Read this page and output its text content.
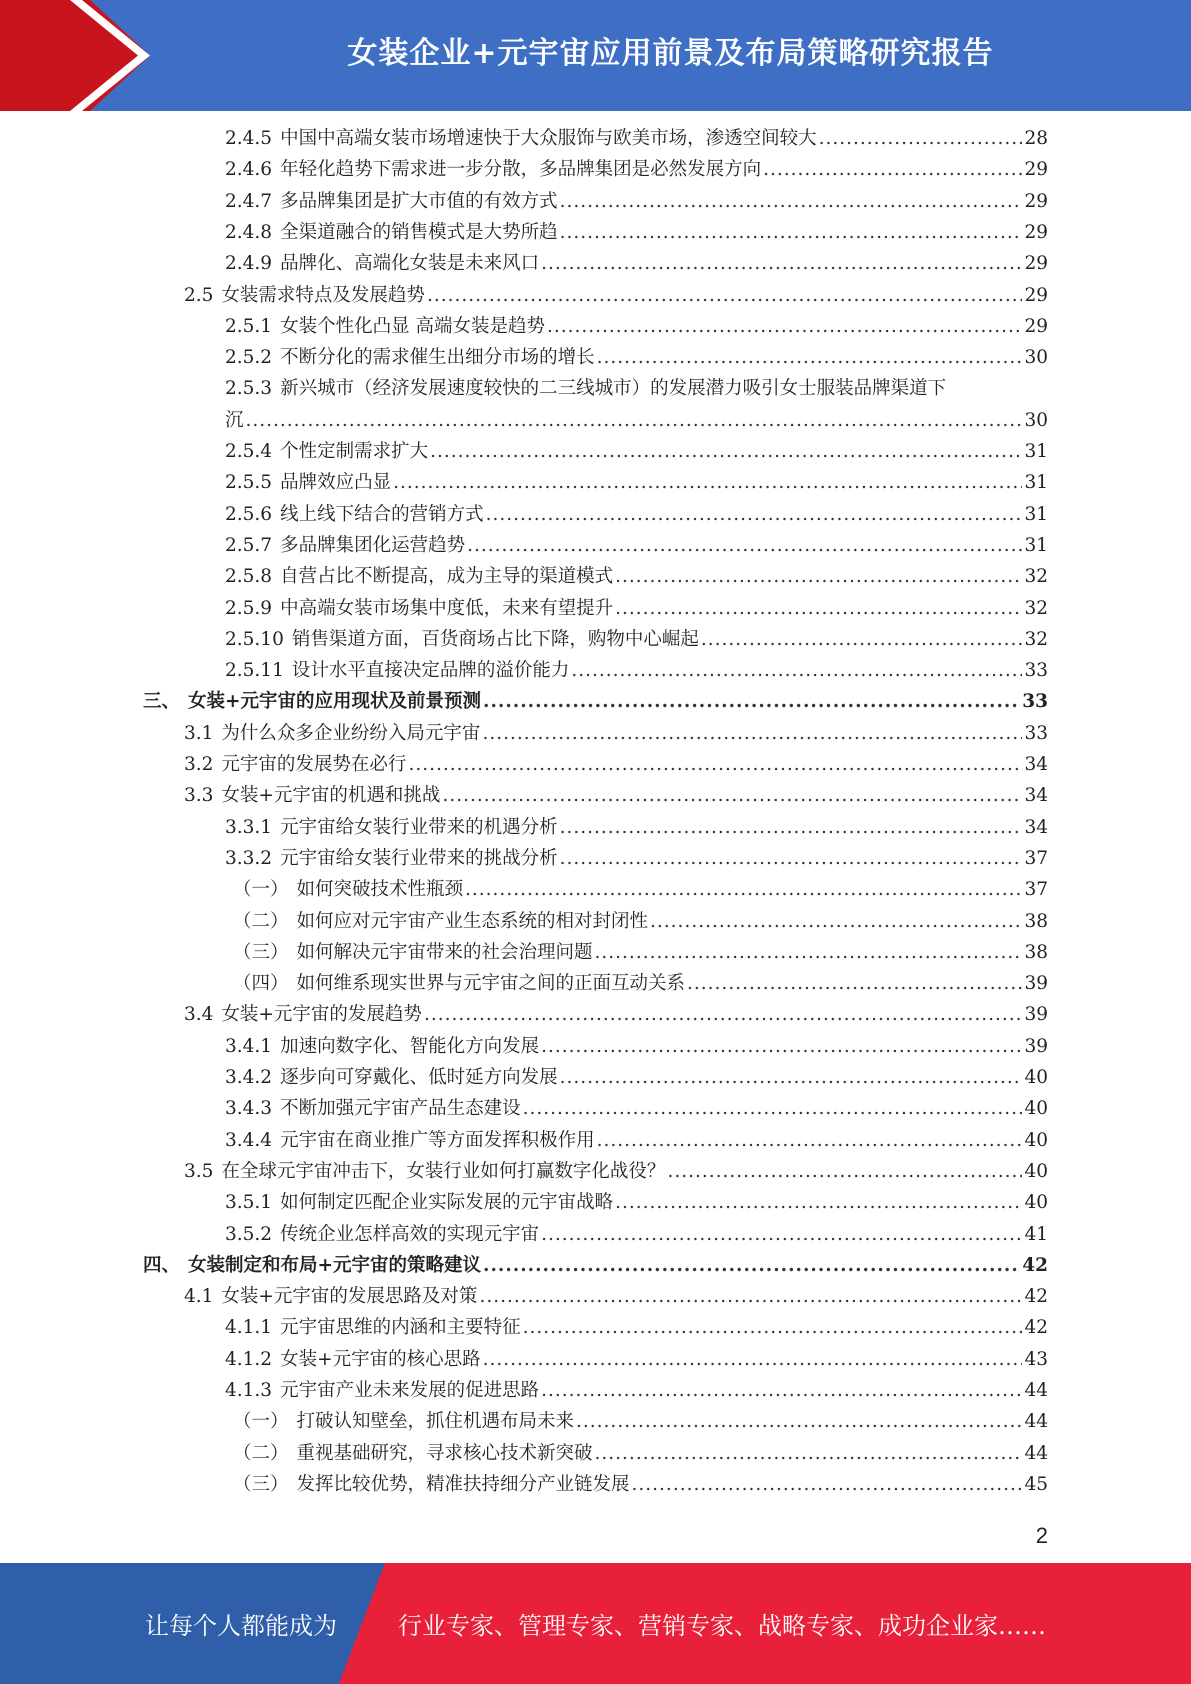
女装企业+元宇宙应用前景及布局策略研究报告
2.4.5 中国中高端女装市场增速快于大众服饰与欧美市场，渗透空间较大 .....	28
2.4.6 年轻化趋势下需求进一步分散，多品牌集团是必然发展方向 .....	29
2.4.7 多品牌集团是扩大市值的有效方式 .....	29
2.4.8 全渠道融合的销售模式是大势所趋 .....	29
2.4.9 品牌化、高端化女装是未来风口 .....	29
2.5 女装需求特点及发展趋势 .....	29
2.5.1 女装个性化凸显 高端女装是趋势 .....	29
2.5.2 不断分化的需求催生出细分市场的增长 .....	30
2.5.3 新兴城市（经济发展速度较快的二三线城市）的发展潜力吸引女士服装品牌渠道下
沉 .....	30
2.5.4 个性定制需求扩大 .....	31
2.5.5 品牌效应凸显 .....	31
2.5.6 线上线下结合的营销方式 .....	31
2.5.7 多品牌集团化运营趋势 .....	31
2.5.8 自营占比不断提高，成为主导的渠道模式 .....	32
2.5.9 中高端女装市场集中度低，未来有望提升 .....	32
2.5.10 销售渠道方面，百货商场占比下降，购物中心崛起 .....	32
2.5.11 设计水平直接决定品牌的溢价能力 .....	33
三、 女装+元宇宙的应用现状及前景预测 .....	33
3.1 为什么众多企业纷纷入局元宇宙 .....	33
3.2 元宇宙的发展势在必行 .....	34
3.3 女装+元宇宙的机遇和挑战 .....	34
3.3.1 元宇宙给女装行业带来的机遇分析 .....	34
3.3.2 元宇宙给女装行业带来的挑战分析 .....	37
（一） 如何突破技术性瓶颈 .....	37
（二） 如何应对元宇宙产业生态系统的相对封闭性 .....	38
（三） 如何解决元宇宙带来的社会治理问题 .....	38
（四） 如何维系现实世界与元宇宙之间的正面互动关系 .....	39
3.4 女装+元宇宙的发展趋势 .....	39
3.4.1 加速向数字化、智能化方向发展 .....	39
3.4.2 逐步向可穿戴化、低时延方向发展 .....	40
3.4.3 不断加强元宇宙产品生态建设 .....	40
3.4.4 元宇宙在商业推广等方面发挥积极作用 .....	40
3.5 在全球元宇宙冲击下，女装行业如何打赢数字化战役？ .....	40
3.5.1 如何制定匹配企业实际发展的元宇宙战略 .....	40
3.5.2 传统企业怎样高效的实现元宇宙 .....	41
四、 女装制定和布局+元宇宙的策略建议 .....	42
4.1 女装+元宇宙的发展思路及对策 .....	42
4.1.1 元宇宙思维的内涵和主要特征 .....	42
4.1.2 女装+元宇宙的核心思路 .....	43
4.1.3 元宇宙产业未来发展的促进思路 .....	44
（一） 打破认知壁垒，抓住机遇布局未来 .....	44
（二） 重视基础研究，寻求核心技术新突破 .....	44
（三） 发挥比较优势，精准扶持细分产业链发展 .....	45
2
让每个人都能成为	行业专家、管理专家、营销专家、战略专家、成功企业家……
